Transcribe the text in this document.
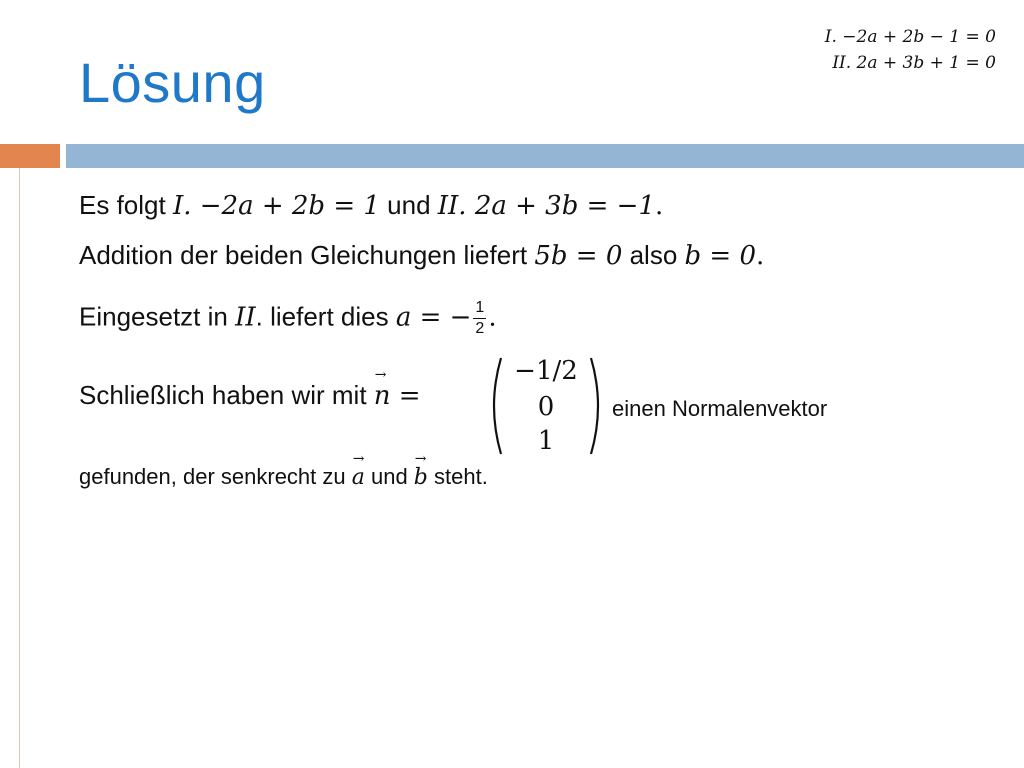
I. −2a + 2b − 1 = 0
II. 2a + 3b + 1 = 0
Lösung
Es folgt I. −2a + 2b = 1 und II. 2a + 3b = −1.
Addition der beiden Gleichungen liefert 5b = 0 also b = 0.
Eingesetzt in II. liefert dies a = − $\frac{1}{2}$ .
Schließlich haben wir mit
→
n =
−1/2
0
1
einen Normalenvektor
gefunden, der senkrecht zu
→
a und
→
b steht.
